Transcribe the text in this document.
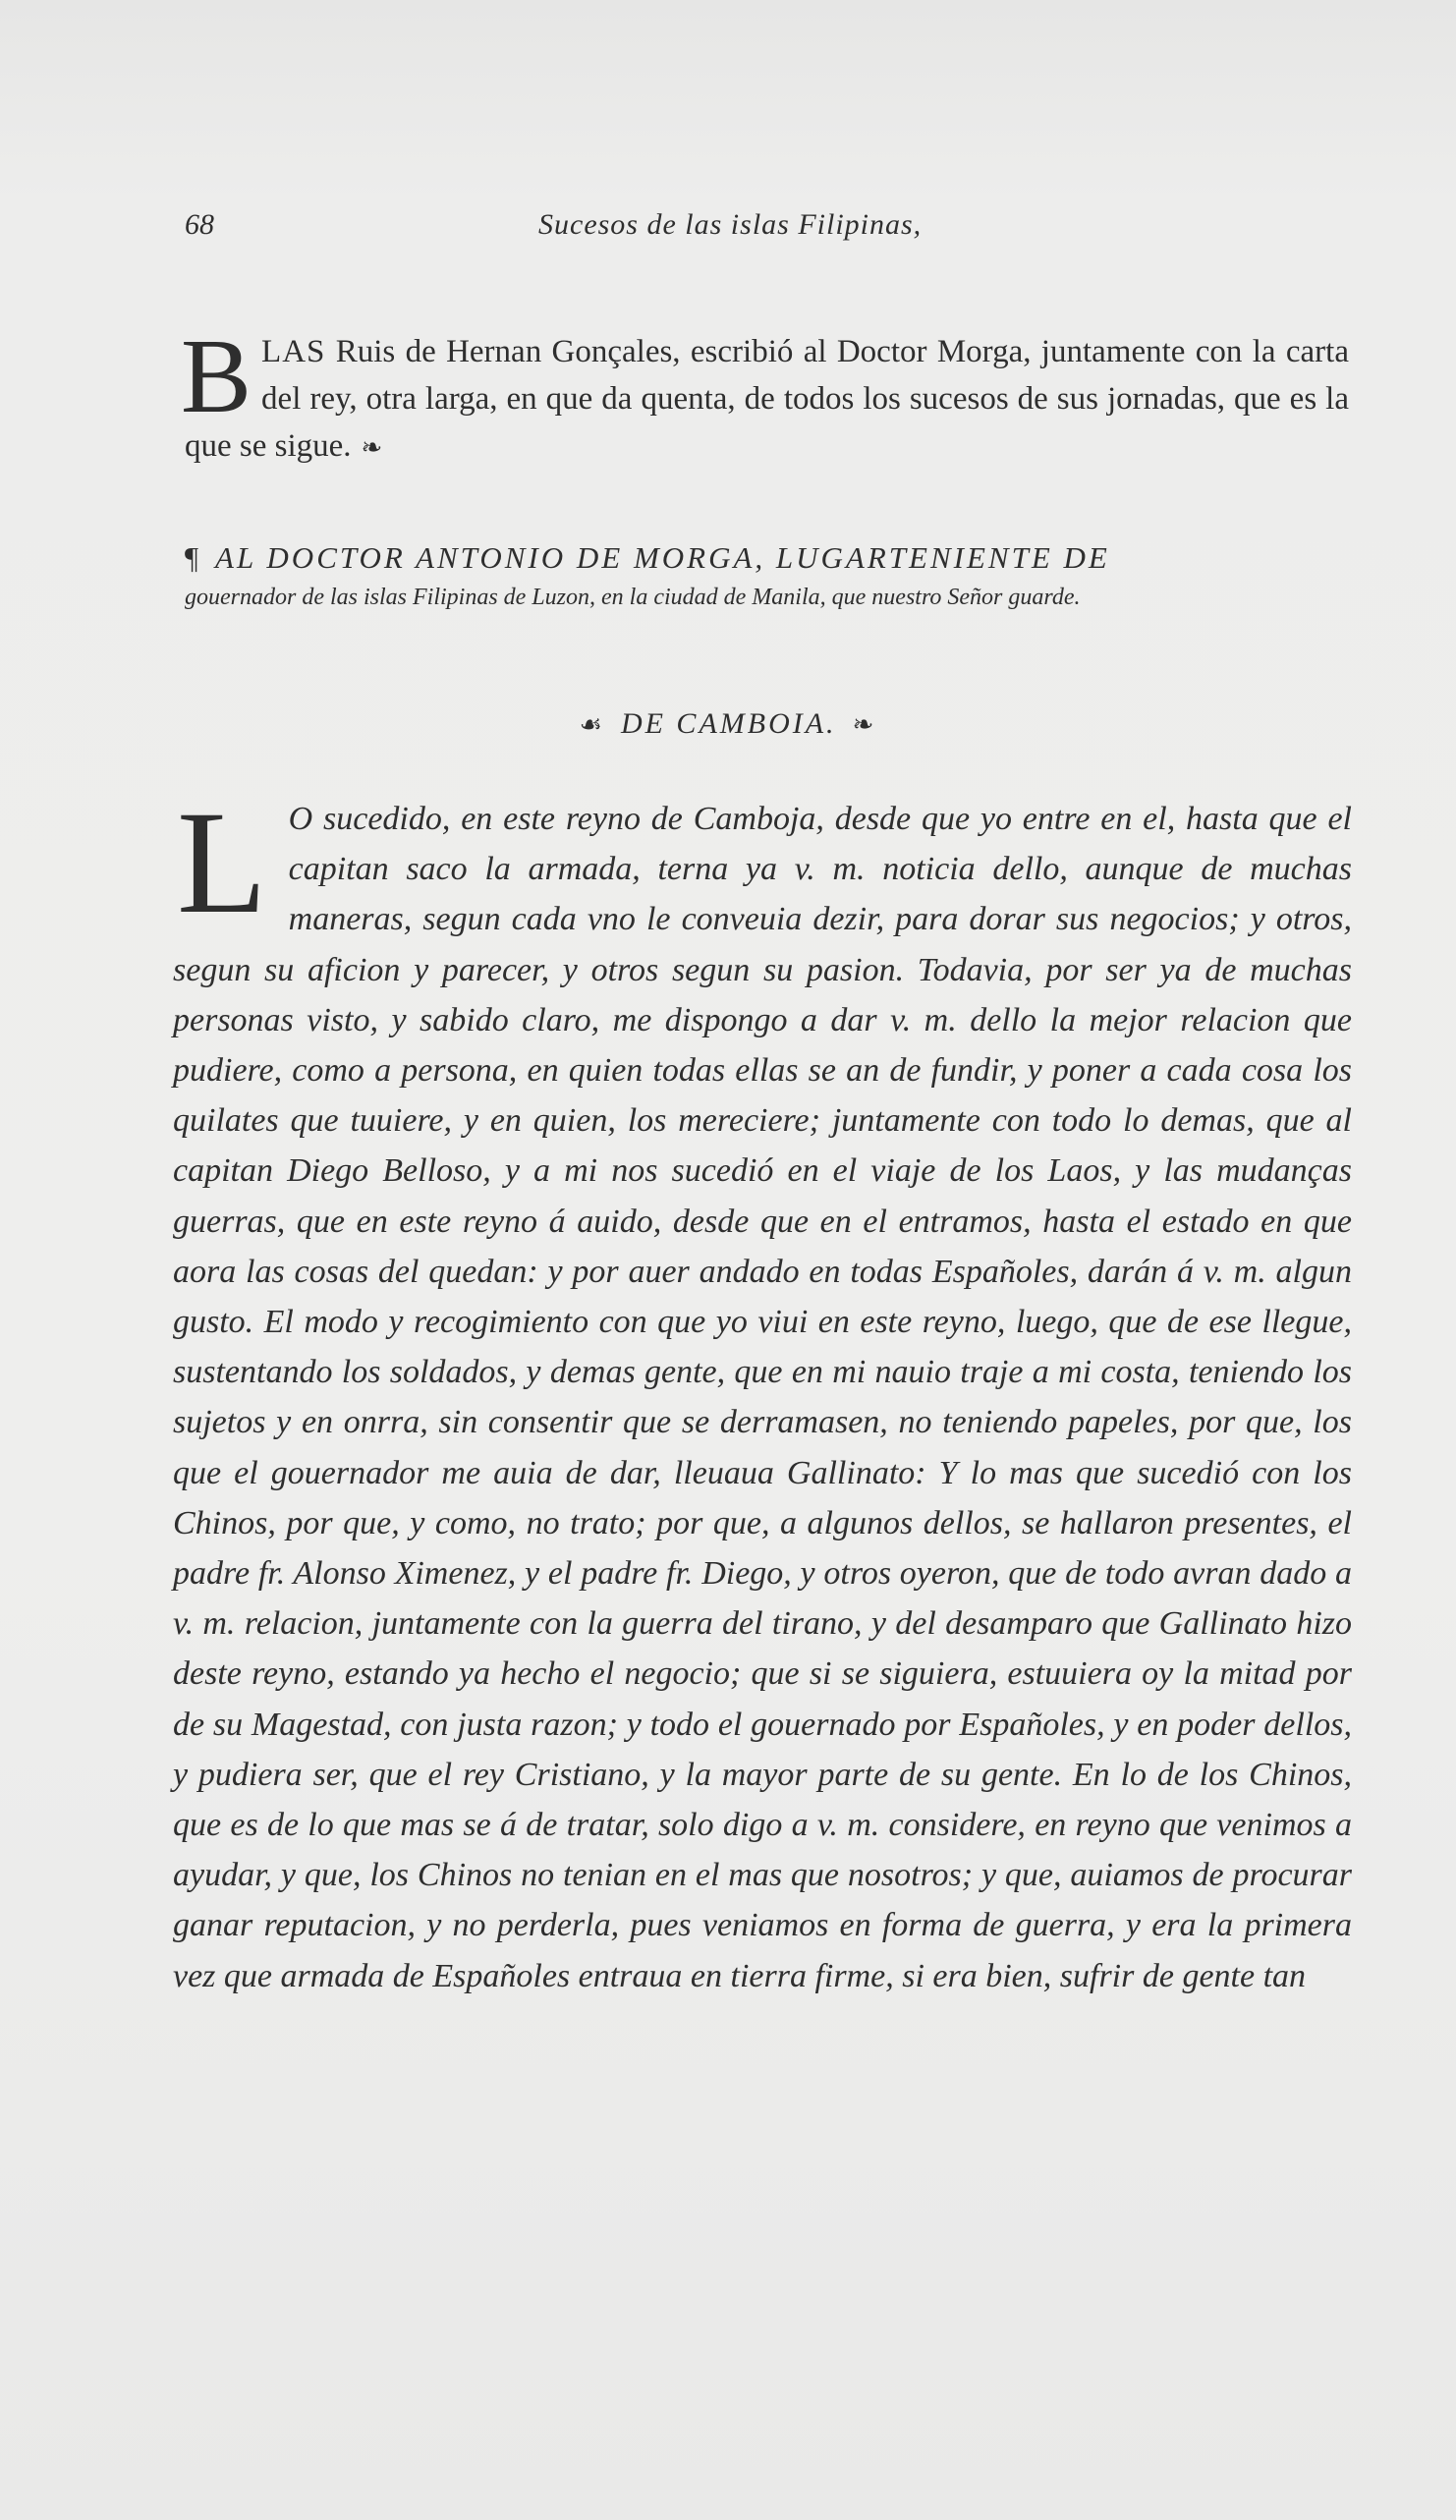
68	Sucesos de las islas Filipinas,
BLAS Ruis de Hernan Gonçales, escribió al Doctor Morga, juntamente con la carta del rey, otra larga, en que da quenta, de todos los sucesos de sus jornadas, que es la que se sigue. ❧
¶ AL DOCTOR ANTONIO DE MORGA, LUGARTENIENTE DE
gouernador de las islas Filipinas de Luzon, en la ciudad de Manila, que nuestro Señor guarde.
☙ DE CAMBOIA. ❧
L O sucedido, en este reyno de Camboja, desde que yo entre en el, hasta que el capitan saco la armada, terna ya v. m. noticia dello, aunque de muchas maneras, segun cada vno le conveuia dezir, para dorar sus negocios; y otros, segun su aficion y parecer, y otros segun su pasion. Todavia, por ser ya de muchas personas visto, y sabido claro, me dispongo a dar v. m. dello la mejor relacion que pudiere, como a persona, en quien todas ellas se an de fundir, y poner a cada cosa los quilates que tuuiere, y en quien, los mereciere; juntamente con todo lo demas, que al capitan Diego Belloso, y a mi nos sucedió en el viaje de los Laos, y las mudanças guerras, que en este reyno á auido, desde que en el entramos, hasta el estado en que aora las cosas del quedan: y por auer andado en todas Españoles, darán á v. m. algun gusto. El modo y recogimiento con que yo viui en este reyno, luego, que de ese llegue, sustentando los soldados, y demas gente, que en mi nauio traje a mi costa, teniendo los sujetos y en onrra, sin consentir que se derramasen, no teniendo papeles, por que, los que el gouernador me auia de dar, lleuaua Gallinato: Y lo mas que sucedió con los Chinos, por que, y como, no trato; por que, a algunos dellos, se hallaron presentes, el padre fr. Alonso Ximenez, y el padre fr. Diego, y otros oyeron, que de todo avran dado a v. m. relacion, juntamente con la guerra del tirano, y del desamparo que Gallinato hizo deste reyno, estando ya hecho el negocio; que si se siguiera, estuuiera oy la mitad por de su Magestad, con justa razon; y todo el gouernado por Españoles, y en poder dellos, y pudiera ser, que el rey Cristiano, y la mayor parte de su gente. En lo de los Chinos, que es de lo que mas se á de tratar, solo digo a v. m. considere, en reyno que venimos a ayudar, y que, los Chinos no tenian en el mas que nosotros; y que, auiamos de procurar ganar reputacion, y no perderla, pues veniamos en forma de guerra, y era la primera vez que armada de Españoles entraua en tierra firme, si era bien, sufrir de gente tan
